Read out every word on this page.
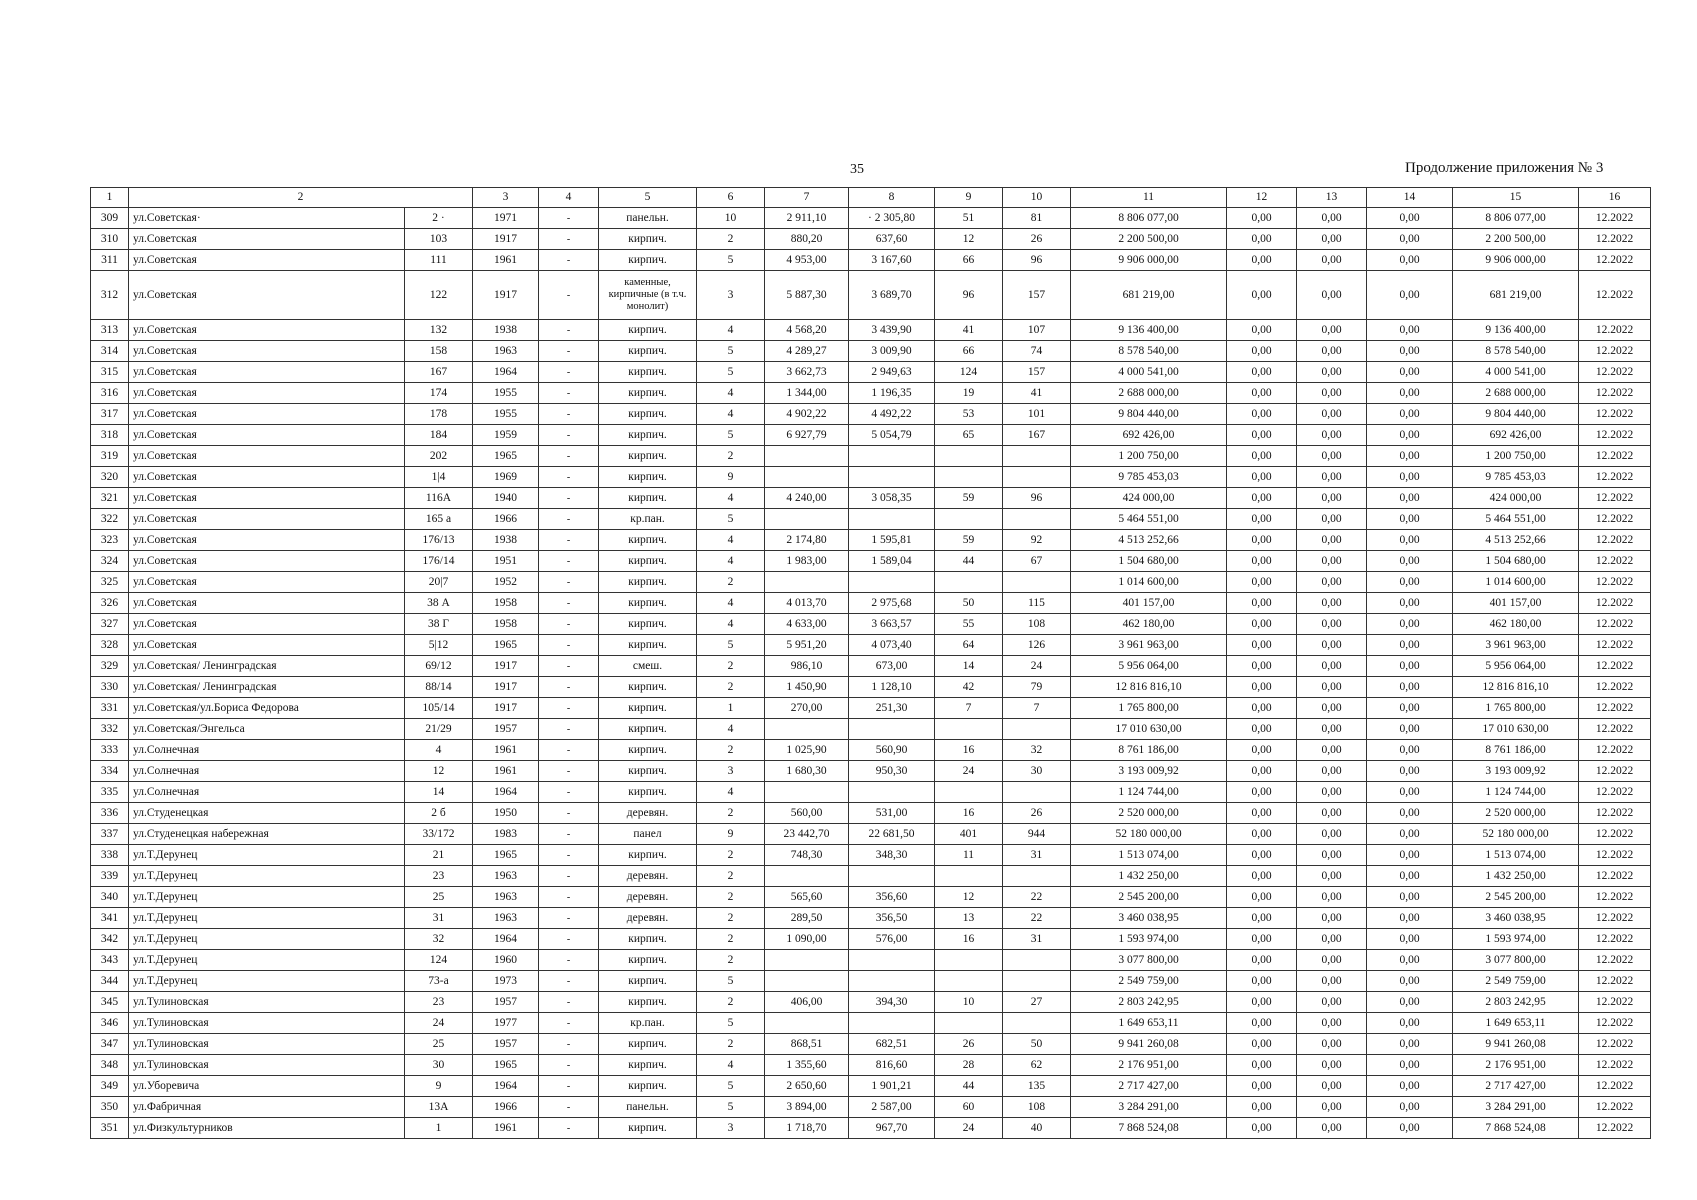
35	Продолжение приложения № 3
1	2		3	4	5	6	7	8	9	10	11	12	13	14	15	16
309	ул.Советская·	2 ·	1971	-	панельн.	10	2 911,10	· 2 305,80	51	81	8 806 077,00	0,00	0,00	0,00	8 806 077,00	12.2022
310	ул.Советская	103	1917	-	кирпич.	2	880,20	637,60	12	26	2 200 500,00	0,00	0,00	0,00	2 200 500,00	12.2022
311	ул.Советская	111	1961	-	кирпич.	5	4 953,00	3 167,60	66	96	9 906 000,00	0,00	0,00	0,00	9 906 000,00	12.2022
312	ул.Советская	122	1917	-	каменные, кирпичные (в т.ч. монолит)	3	5 887,30	3 689,70	96	157	681 219,00	0,00	0,00	0,00	681 219,00	12.2022
313	ул.Советская	132	1938	-	кирпич.	4	4 568,20	3 439,90	41	107	9 136 400,00	0,00	0,00	0,00	9 136 400,00	12.2022
314	ул.Советская	158	1963	-	кирпич.	5	4 289,27	3 009,90	66	74	8 578 540,00	0,00	0,00	0,00	8 578 540,00	12.2022
315	ул.Советская	167	1964	-	кирпич.	5	3 662,73	2 949,63	124	157	4 000 541,00	0,00	0,00	0,00	4 000 541,00	12.2022
316	ул.Советская	174	1955	-	кирпич.	4	1 344,00	1 196,35	19	41	2 688 000,00	0,00	0,00	0,00	2 688 000,00	12.2022
317	ул.Советская	178	1955	-	кирпич.	4	4 902,22	4 492,22	53	101	9 804 440,00	0,00	0,00	0,00	9 804 440,00	12.2022
318	ул.Советская	184	1959	-	кирпич.	5	6 927,79	5 054,79	65	167	692 426,00	0,00	0,00	0,00	692 426,00	12.2022
319	ул.Советская	202	1965	-	кирпич.	2					1 200 750,00	0,00	0,00	0,00	1 200 750,00	12.2022
320	ул.Советская	1|4	1969	-	кирпич.	9					9 785 453,03	0,00	0,00	0,00	9 785 453,03	12.2022
321	ул.Советская	116А	1940	-	кирпич.	4	4 240,00	3 058,35	59	96	424 000,00	0,00	0,00	0,00	424 000,00	12.2022
322	ул.Советская	165 а	1966	-	кр.пан.	5					5 464 551,00	0,00	0,00	0,00	5 464 551,00	12.2022
323	ул.Советская	176/13	1938	-	кирпич.	4	2 174,80	1 595,81	59	92	4 513 252,66	0,00	0,00	0,00	4 513 252,66	12.2022
324	ул.Советская	176/14	1951	-	кирпич.	4	1 983,00	1 589,04	44	67	1 504 680,00	0,00	0,00	0,00	1 504 680,00	12.2022
325	ул.Советская	20|7	1952	-	кирпич.	2					1 014 600,00	0,00	0,00	0,00	1 014 600,00	12.2022
326	ул.Советская	38 А	1958	-	кирпич.	4	4 013,70	2 975,68	50	115	401 157,00	0,00	0,00	0,00	401 157,00	12.2022
327	ул.Советская	38 Г	1958	-	кирпич.	4	4 633,00	3 663,57	55	108	462 180,00	0,00	0,00	0,00	462 180,00	12.2022
328	ул.Советская	5|12	1965	-	кирпич.	5	5 951,20	4 073,40	64	126	3 961 963,00	0,00	0,00	0,00	3 961 963,00	12.2022
329	ул.Советская/ Ленинградская	69/12	1917	-	смеш.	2	986,10	673,00	14	24	5 956 064,00	0,00	0,00	0,00	5 956 064,00	12.2022
330	ул.Советская/ Ленинградская	88/14	1917	-	кирпич.	2	1 450,90	1 128,10	42	79	12 816 816,10	0,00	0,00	0,00	12 816 816,10	12.2022
331	ул.Советская/ул.Бориса Федорова	105/14	1917	-	кирпич.	1	270,00	251,30	7	7	1 765 800,00	0,00	0,00	0,00	1 765 800,00	12.2022
332	ул.Советская/Энгельса	21/29	1957	-	кирпич.	4					17 010 630,00	0,00	0,00	0,00	17 010 630,00	12.2022
333	ул.Солнечная	4	1961	-	кирпич.	2	1 025,90	560,90	16	32	8 761 186,00	0,00	0,00	0,00	8 761 186,00	12.2022
334	ул.Солнечная	12	1961	-	кирпич.	3	1 680,30	950,30	24	30	3 193 009,92	0,00	0,00	0,00	3 193 009,92	12.2022
335	ул.Солнечная	14	1964	-	кирпич.	4					1 124 744,00	0,00	0,00	0,00	1 124 744,00	12.2022
336	ул.Студенецкая	2 б	1950	-	деревян.	2	560,00	531,00	16	26	2 520 000,00	0,00	0,00	0,00	2 520 000,00	12.2022
337	ул.Студенецкая набережная	33/172	1983	-	панел	9	23 442,70	22 681,50	401	944	52 180 000,00	0,00	0,00	0,00	52 180 000,00	12.2022
338	ул.Т.Дерунец	21	1965	-	кирпич.	2	748,30	348,30	11	31	1 513 074,00	0,00	0,00	0,00	1 513 074,00	12.2022
339	ул.Т.Дерунец	23	1963	-	деревян.	2					1 432 250,00	0,00	0,00	0,00	1 432 250,00	12.2022
340	ул.Т.Дерунец	25	1963	-	деревян.	2	565,60	356,60	12	22	2 545 200,00	0,00	0,00	0,00	2 545 200,00	12.2022
341	ул.Т.Дерунец	31	1963	-	деревян.	2	289,50	356,50	13	22	3 460 038,95	0,00	0,00	0,00	3 460 038,95	12.2022
342	ул.Т.Дерунец	32	1964	-	кирпич.	2	1 090,00	576,00	16	31	1 593 974,00	0,00	0,00	0,00	1 593 974,00	12.2022
343	ул.Т.Дерунец	124	1960	-	кирпич.	2					3 077 800,00	0,00	0,00	0,00	3 077 800,00	12.2022
344	ул.Т.Дерунец	73-а	1973	-	кирпич.	5					2 549 759,00	0,00	0,00	0,00	2 549 759,00	12.2022
345	ул.Тулиновская	23	1957	-	кирпич.	2	406,00	394,30	10	27	2 803 242,95	0,00	0,00	0,00	2 803 242,95	12.2022
346	ул.Тулиновская	24	1977	-	кр.пан.	5					1 649 653,11	0,00	0,00	0,00	1 649 653,11	12.2022
347	ул.Тулиновская	25	1957	-	кирпич.	2	868,51	682,51	26	50	9 941 260,08	0,00	0,00	0,00	9 941 260,08	12.2022
348	ул.Тулиновская	30	1965	-	кирпич.	4	1 355,60	816,60	28	62	2 176 951,00	0,00	0,00	0,00	2 176 951,00	12.2022
349	ул.Уборевича	9	1964	-	кирпич.	5	2 650,60	1 901,21	44	135	2 717 427,00	0,00	0,00	0,00	2 717 427,00	12.2022
350	ул.Фабричная	13А	1966	-	панельн.	5	3 894,00	2 587,00	60	108	3 284 291,00	0,00	0,00	0,00	3 284 291,00	12.2022
351	ул.Физкультурников	1	1961	-	кирпич.	3	1 718,70	967,70	24	40	7 868 524,08	0,00	0,00	0,00	7 868 524,08	12.2022
